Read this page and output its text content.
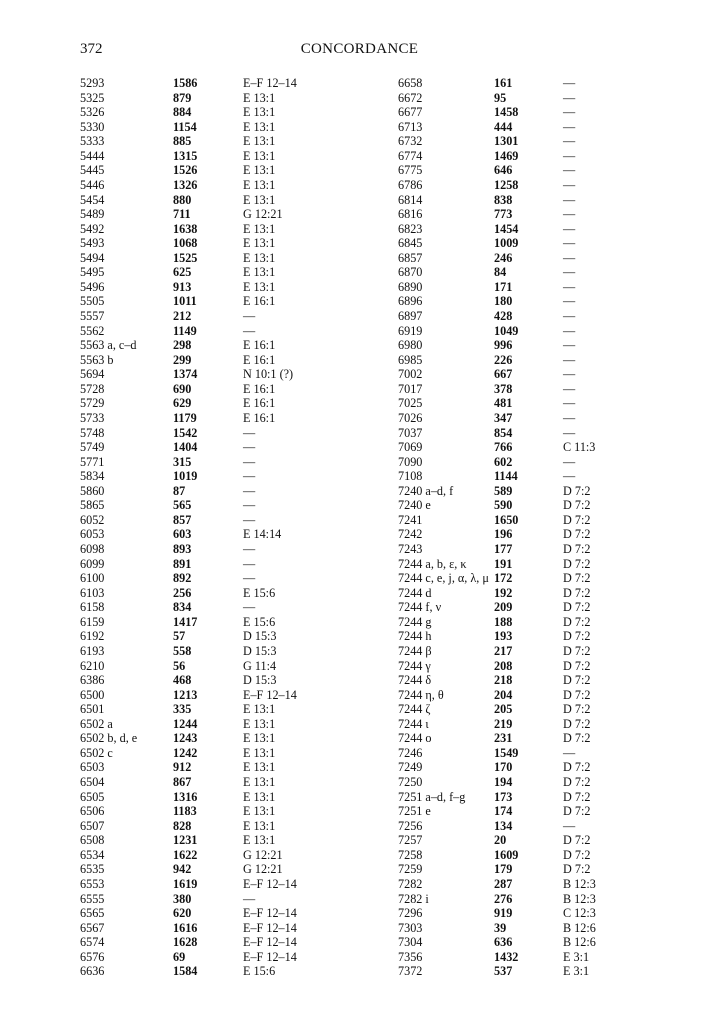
372	CONCORDANCE
5293	1586	E–F 12–14
5325	879	E 13:1
5326	884	E 13:1
5330	1154	E 13:1
5333	885	E 13:1
5444	1315	E 13:1
5445	1526	E 13:1
5446	1326	E 13:1
5454	880	E 13:1
5489	711	G 12:21
5492	1638	E 13:1
5493	1068	E 13:1
5494	1525	E 13:1
5495	625	E 13:1
5496	913	E 13:1
5505	1011	E 16:1
5557	212	—
5562	1149	—
5563 a, c–d	298	E 16:1
5563 b	299	E 16:1
5694	1374	N 10:1 (?)
5728	690	E 16:1
5729	629	E 16:1
5733	1179	E 16:1
5748	1542	—
5749	1404	—
5771	315	—
5834	1019	—
5860	87	—
5865	565	—
6052	857	—
6053	603	E 14:14
6098	893	—
6099	891	—
6100	892	—
6103	256	E 15:6
6158	834	—
6159	1417	E 15:6
6192	57	D 15:3
6193	558	D 15:3
6210	56	G 11:4
6386	468	D 15:3
6500	1213	E–F 12–14
6501	335	E 13:1
6502 a	1244	E 13:1
6502 b, d, e	1243	E 13:1
6502 c	1242	E 13:1
6503	912	E 13:1
6504	867	E 13:1
6505	1316	E 13:1
6506	1183	E 13:1
6507	828	E 13:1
6508	1231	E 13:1
6534	1622	G 12:21
6535	942	G 12:21
6553	1619	E–F 12–14
6555	380	—
6565	620	E–F 12–14
6567	1616	E–F 12–14
6574	1628	E–F 12–14
6576	69	E–F 12–14
6636	1584	E 15:6
6658	161	—
6672	95	—
6677	1458	—
6713	444	—
6732	1301	—
6774	1469	—
6775	646	—
6786	1258	—
6814	838	—
6816	773	—
6823	1454	—
6845	1009	—
6857	246	—
6870	84	—
6890	171	—
6896	180	—
6897	428	—
6919	1049	—
6980	996	—
6985	226	—
7002	667	—
7017	378	—
7025	481	—
7026	347	—
7037	854	—
7069	766	C 11:3
7090	602	—
7108	1144	—
7240 a–d, f	589	D 7:2
7240 e	590	D 7:2
7241	1650	D 7:2
7242	196	D 7:2
7243	177	D 7:2
7244 a, b, ε, κ 191	D 7:2
7244 c, e, j, α, λ, μ 172	D 7:2
7244 d	192	D 7:2
7244 f, ν	209	D 7:2
7244 g	188	D 7:2
7244 h	193	D 7:2
7244 β	217	D 7:2
7244 γ	208	D 7:2
7244 δ	218	D 7:2
7244 η, θ	204	D 7:2
7244 ζ	205	D 7:2
7244 ι	219	D 7:2
7244 o	231	D 7:2
7246	1549	—
7249	170	D 7:2
7250	194	D 7:2
7251 a–d, f–g 173	D 7:2
7251 e	174	D 7:2
7256	134	—
7257	20	D 7:2
7258	1609	D 7:2
7259	179	D 7:2
7282	287	B 12:3
7282 i	276	B 12:3
7296	919	C 12:3
7303	39	B 12:6
7304	636	B 12:6
7356	1432	E 3:1
7372	537	E 3:1
